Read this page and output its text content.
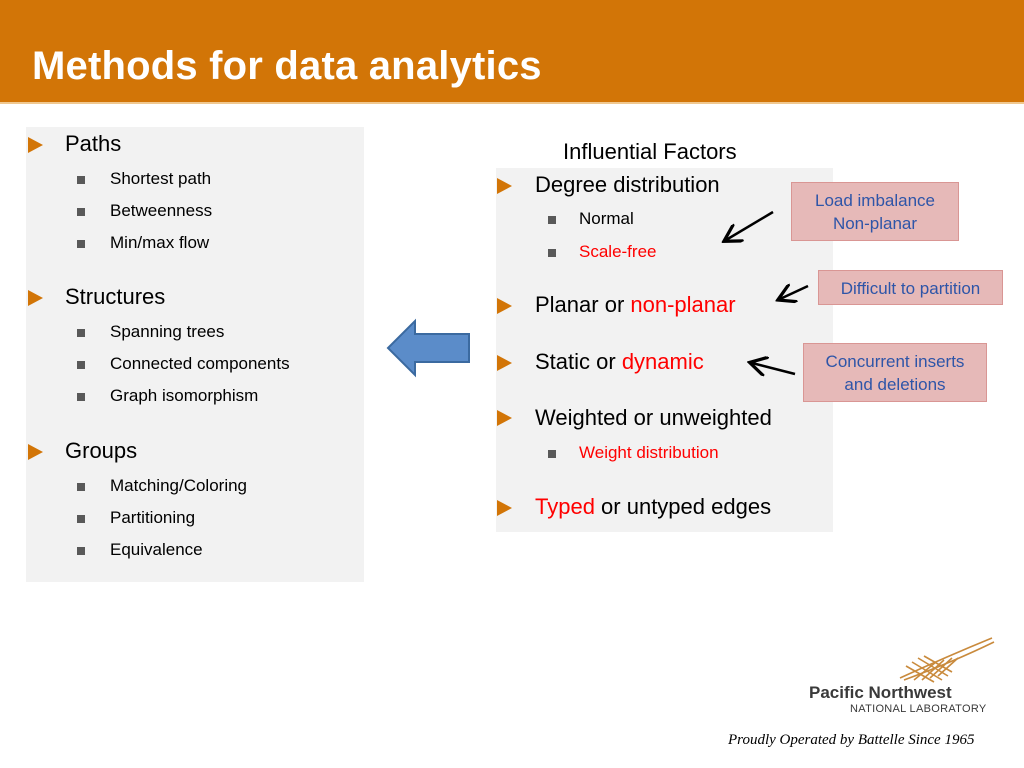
Methods for data analytics
Paths
Shortest path
Betweenness
Min/max flow
Structures
Spanning trees
Connected components
Graph isomorphism
Groups
Matching/Coloring
Partitioning
Equivalence
Influential Factors
Degree distribution
Normal
Scale-free
Planar or non-planar
Static or dynamic
Weighted or unweighted
Weight distribution
Typed or untyped edges
Load imbalance
Non-planar
Difficult to partition
Concurrent inserts
and deletions
Pacific Northwest
NATIONAL LABORATORY
Proudly Operated by Battelle Since 1965
